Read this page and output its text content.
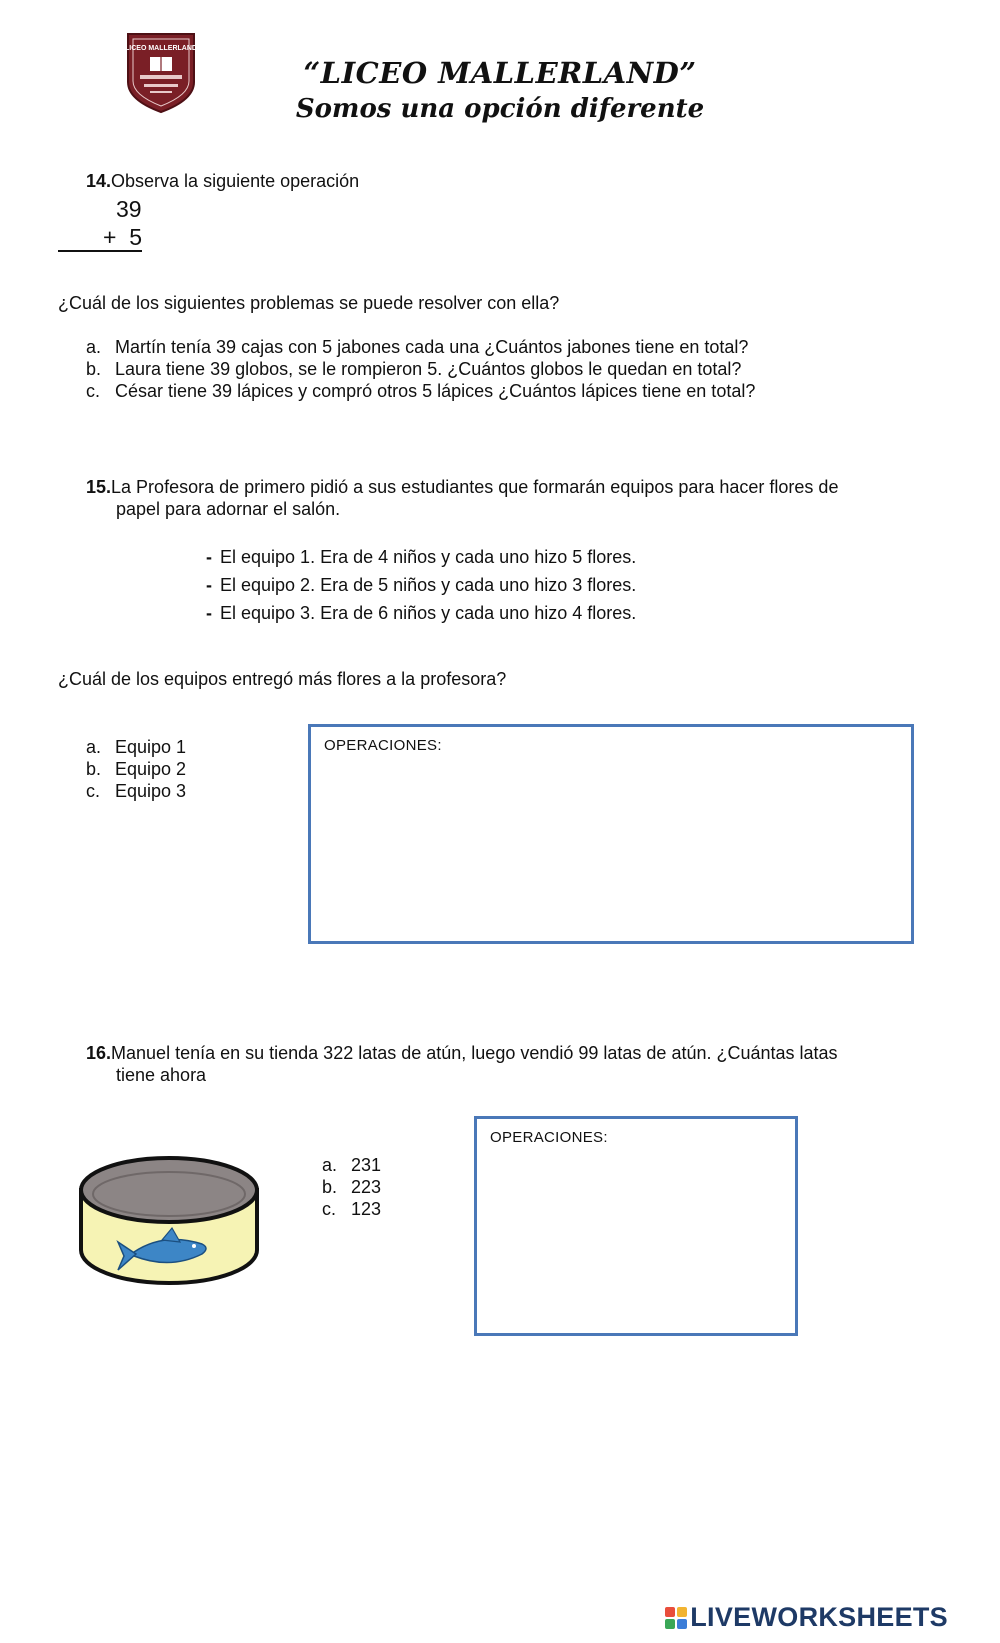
LICEO MALLERLAND
“LICEO MALLERLAND”
Somos una opción diferente
14.Observa la siguiente operación
39
+  5
¿Cuál de los siguientes problemas se puede resolver con ella?
a. Martín tenía 39 cajas con 5 jabones cada una ¿Cuántos jabones tiene en total?
b. Laura tiene 39 globos, se le rompieron 5. ¿Cuántos globos le quedan en total?
c. César tiene 39 lápices y compró otros 5 lápices ¿Cuántos lápices tiene en total?
15.La Profesora de primero pidió a sus estudiantes que formarán equipos para hacer flores de
papel para adornar el salón.
- El equipo 1. Era de 4 niños y cada uno hizo 5 flores.
- El equipo 2. Era de 5 niños y cada uno hizo 3 flores.
- El equipo 3. Era de 6 niños y cada uno hizo 4 flores.
¿Cuál de los equipos entregó más flores a la profesora?
a. Equipo 1
b. Equipo 2
c. Equipo 3
OPERACIONES:
16.Manuel tenía en su tienda 322 latas de atún, luego vendió 99 latas de atún. ¿Cuántas latas
tiene ahora
a. 231
b. 223
c. 123
OPERACIONES:
LIVEWORKSHEETS
